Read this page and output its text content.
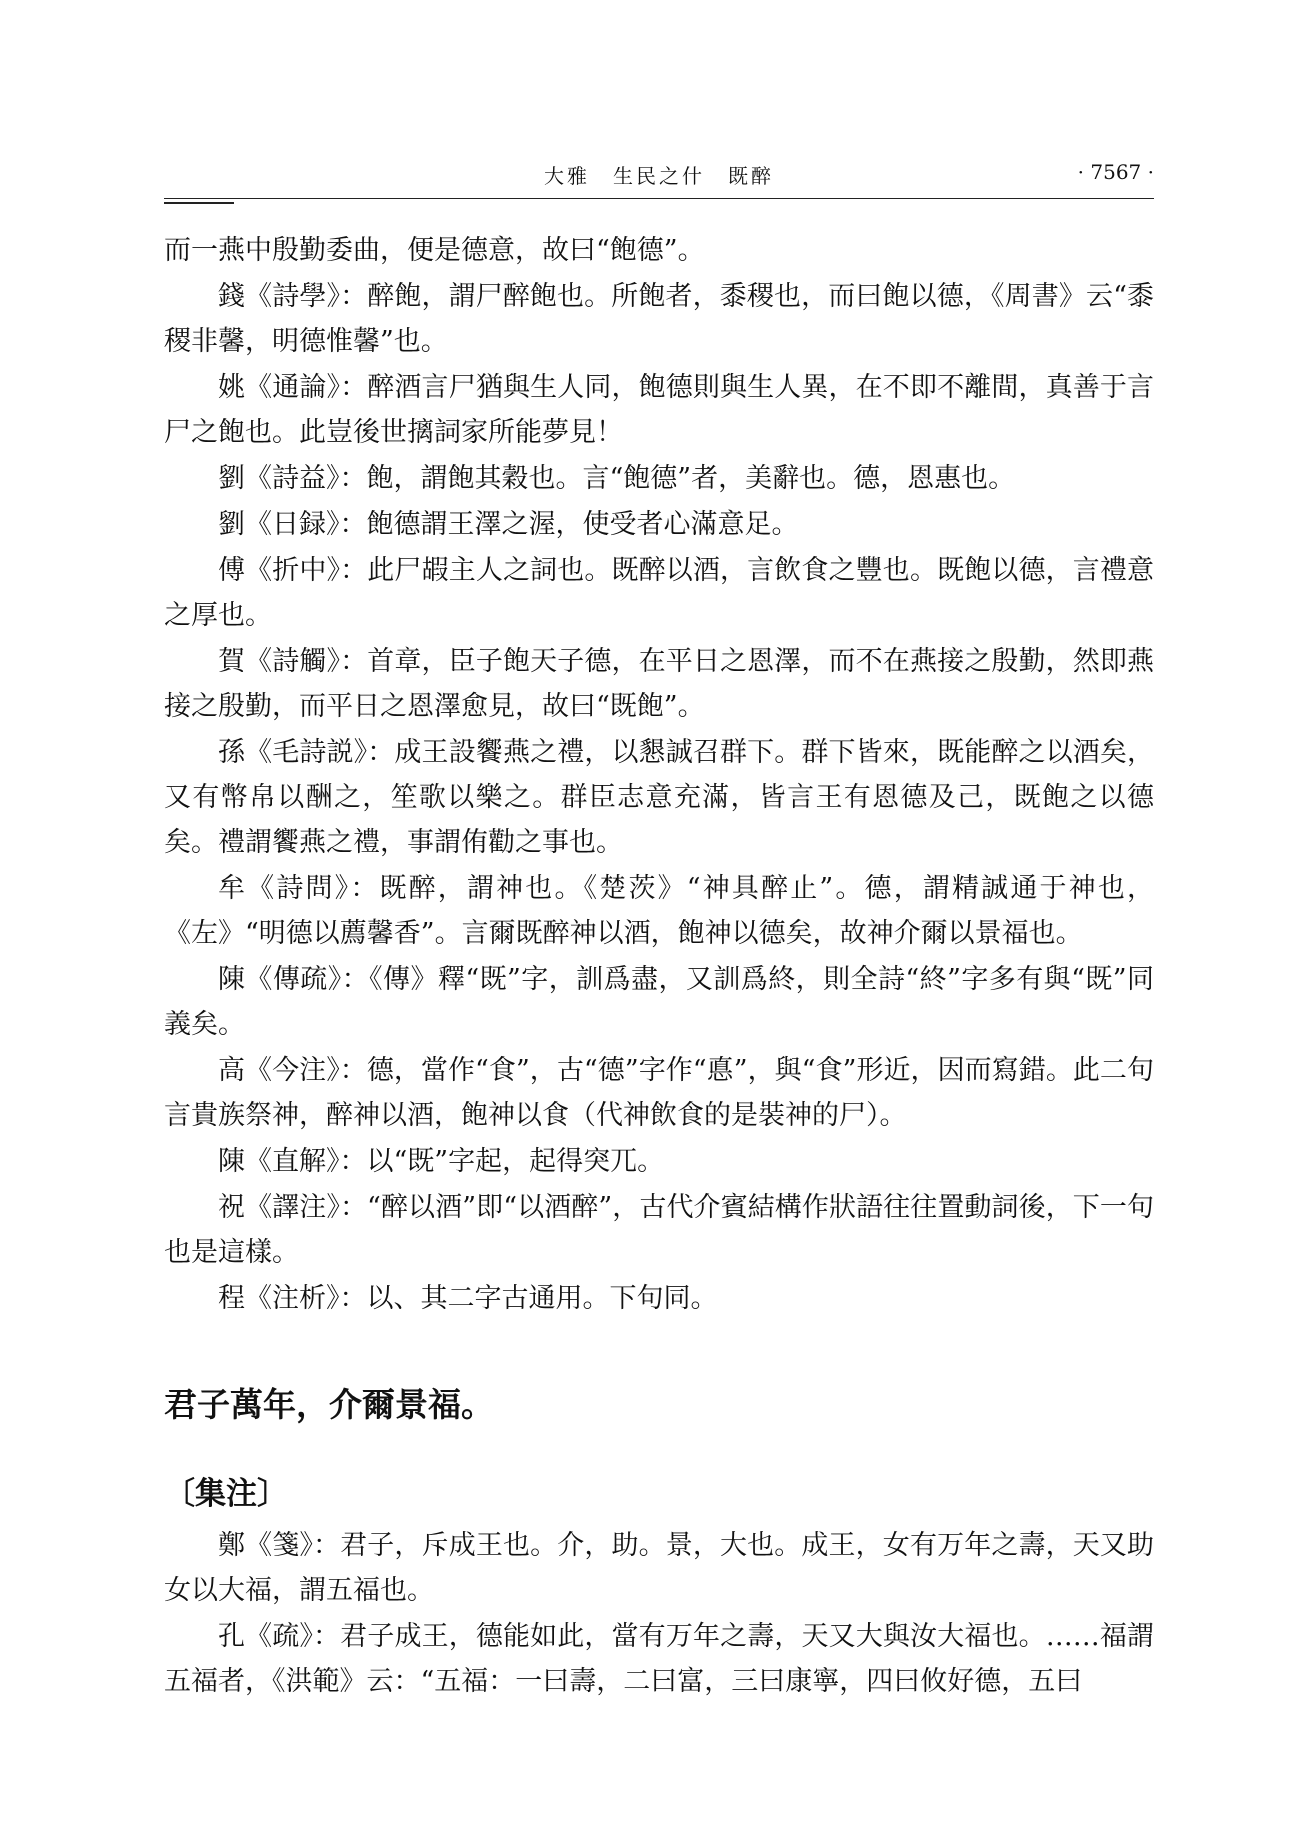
大雅　生民之什　既醉	· 7567 ·

而一燕中殷勤委曲，便是德意，故曰“飽德”。

錢《詩學》：醉飽，謂尸醉飽也。所飽者，黍稷也，而曰飽以德，《周書》云“黍稷非馨，明德惟馨”也。

姚《通論》：醉酒言尸猶與生人同，飽德則與生人異，在不即不離間，真善于言尸之飽也。此豈後世摛詞家所能夢見！

劉《詩益》：飽，謂飽其穀也。言“飽德”者，美辭也。德，恩惠也。

劉《日録》：飽德謂王澤之渥，使受者心滿意足。

傅《折中》：此尸嘏主人之詞也。既醉以酒，言飲食之豐也。既飽以德，言禮意之厚也。

賀《詩觸》：首章，臣子飽天子德，在平日之恩澤，而不在燕接之殷勤，然即燕接之殷勤，而平日之恩澤愈見，故曰“既飽”。

孫《毛詩説》：成王設饗燕之禮，以懇誠召群下。群下皆來，既能醉之以酒矣，又有幣帛以酬之，笙歌以樂之。群臣志意充滿，皆言王有恩德及己，既飽之以德矣。禮謂饗燕之禮，事謂侑勸之事也。

牟《詩問》：既醉，謂神也。《楚茨》“神具醉止”。德，謂精誠通于神也，《左》“明德以薦馨香”。言爾既醉神以酒，飽神以德矣，故神介爾以景福也。

陳《傳疏》：《傳》釋“既”字，訓爲盡，又訓爲終，則全詩“終”字多有與“既”同義矣。

高《今注》：德，當作“食”，古“德”字作“悳”，與“食”形近，因而寫錯。此二句言貴族祭神，醉神以酒，飽神以食（代神飲食的是裝神的尸）。

陳《直解》：以“既”字起，起得突兀。

祝《譯注》：“醉以酒”即“以酒醉”，古代介賓結構作狀語往往置動詞後，下一句也是這樣。

程《注析》：以、其二字古通用。下句同。

君子萬年，介爾景福。
〔集注〕

鄭《箋》：君子，斥成王也。介，助。景，大也。成王，女有万年之壽，天又助女以大福，謂五福也。

孔《疏》：君子成王，德能如此，當有万年之壽，天又大與汝大福也。……福謂五福者，《洪範》云：“五福：一曰壽，二曰富，三曰康寧，四曰攸好德，五曰
